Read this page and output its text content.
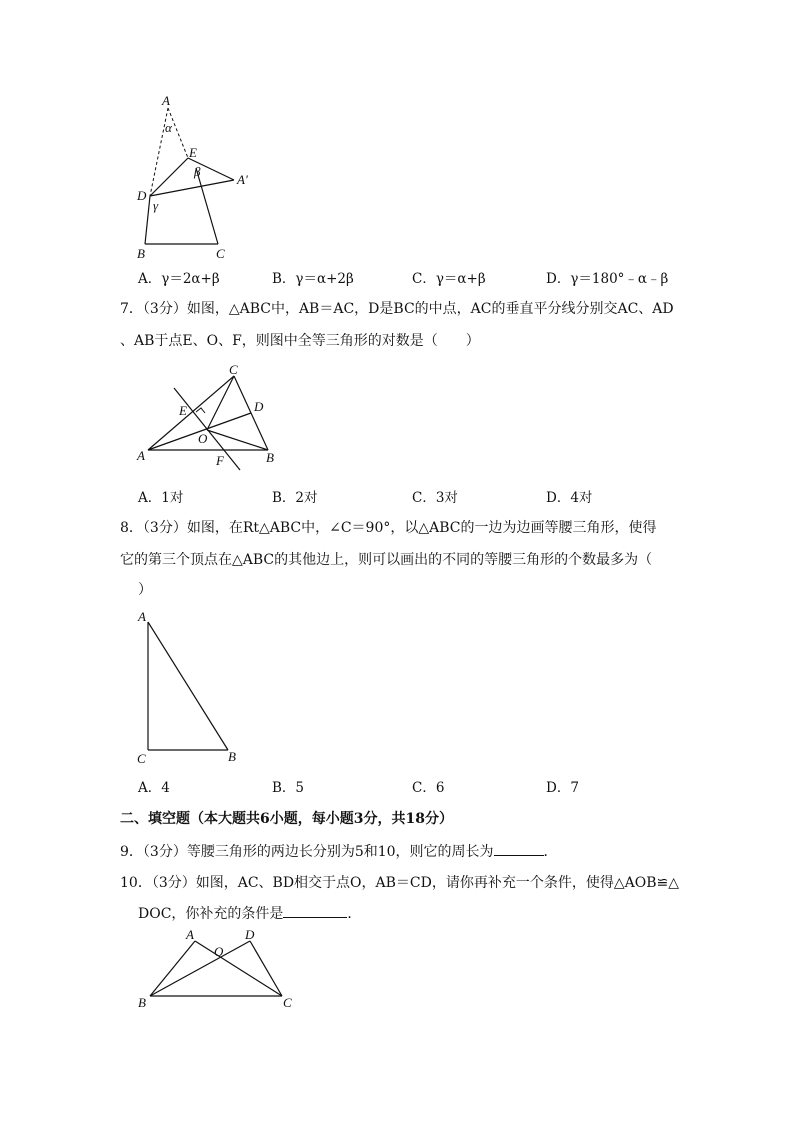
A
α
E
β
A′
D
γ
B	C
A．γ＝2α+β	B．γ＝α+2β	C．γ＝α+β	D．γ＝180°﹣α﹣β
7．（3分）如图，△ABC中，AB＝AC，D是BC的中点，AC的垂直平分线分别交AC、AD
、AB于点E、O、F，则图中全等三角形的对数是（　　）
C
E	D
O
A	F	B
A．1对	B．2对	C．3对	D．4对
8．（3分）如图，在Rt△ABC中，∠C＝90°，以△ABC的一边为边画等腰三角形，使得
它的第三个顶点在△ABC的其他边上，则可以画出的不同的等腰三角形的个数最多为（
）
A
C	B
A．4	B．5	C．6	D．7
二、填空题（本大题共6小题，每小题3分，共18分）
9．（3分）等腰三角形的两边长分别为5和10，则它的周长为	．
10．（3分）如图，AC、BD相交于点O，AB＝CD，请你再补充一个条件，使得△AOB≌△
DOC，你补充的条件是	．
A	D
O
B	C
